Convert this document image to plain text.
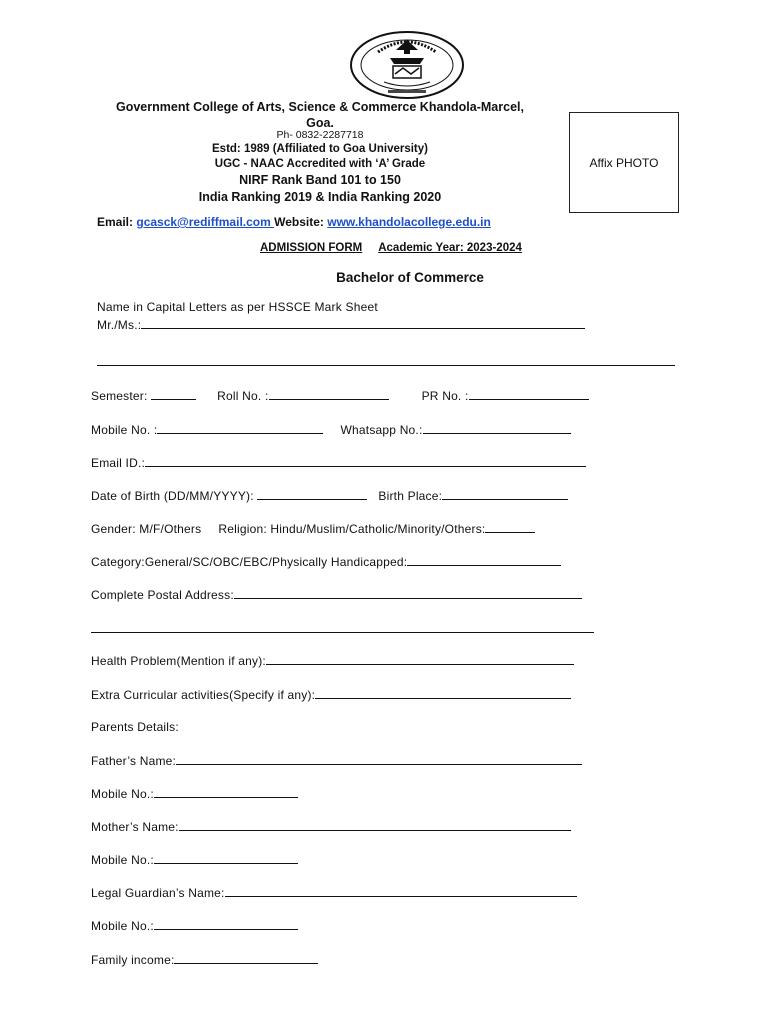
Government College of Arts, Science & Commerce Khandola-Marcel,
Goa.
Ph- 0832-2287718
Estd: 1989 (Affiliated to Goa University)
UGC - NAAC Accredited with ‘A’ Grade
NIRF Rank Band 101 to 150
India Ranking 2019 & India Ranking 2020
Affix PHOTO
Email: gcasck@rediffmail.com Website: www.khandolacollege.edu.in
ADMISSION FORM Academic Year: 2023-2024
Bachelor of Commerce
Name in Capital Letters as per HSSCE Mark Sheet
Mr./Ms.:
Semester:	Roll No. :	PR No. :
Mobile No. :	Whatsapp No.:
Email ID.:
Date of Birth (DD/MM/YYYY):	Birth Place:
Gender: M/F/Others Religion: Hindu/Muslim/Catholic/Minority/Others:
Category:General/SC/OBC/EBC/Physically Handicapped:
Complete Postal Address:
Health Problem(Mention if any):
Extra Curricular activities(Specify if any):
Parents Details:
Father’s Name:
Mobile No.:
Mother’s Name:
Mobile No.:
Legal Guardian’s Name:
Mobile No.:
Family income:
